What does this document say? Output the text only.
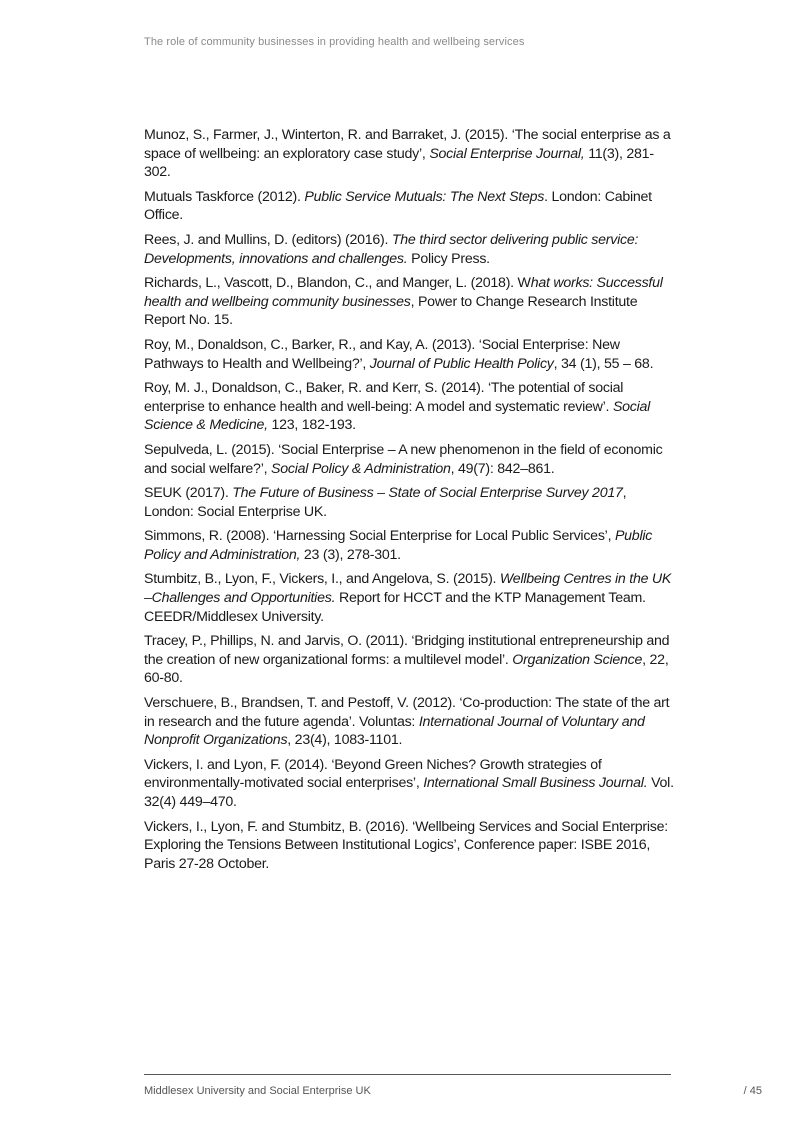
The role of community businesses in providing health and wellbeing services

Munoz, S., Farmer, J., Winterton, R. and Barraket, J. (2015). ‘The social enterprise as a space of wellbeing: an exploratory case study’, Social Enterprise Journal, 11(3), 281-302.

Mutuals Taskforce (2012). Public Service Mutuals: The Next Steps. London: Cabinet Office.

Rees, J. and Mullins, D. (editors) (2016). The third sector delivering public service: Developments, innovations and challenges. Policy Press.

Richards, L., Vascott, D., Blandon, C., and Manger, L. (2018). What works: Successful health and wellbeing community businesses, Power to Change Research Institute Report No. 15.

Roy, M., Donaldson, C., Barker, R., and Kay, A. (2013). ‘Social Enterprise: New Pathways to Health and Wellbeing?’, Journal of Public Health Policy, 34 (1), 55 – 68.

Roy, M. J., Donaldson, C., Baker, R. and Kerr, S. (2014). ‘The potential of social enterprise to enhance health and well-being: A model and systematic review’. Social Science & Medicine, 123, 182-193.

Sepulveda, L. (2015). ‘Social Enterprise – A new phenomenon in the field of economic and social welfare?’, Social Policy & Administration, 49(7): 842–861.

SEUK (2017). The Future of Business – State of Social Enterprise Survey 2017, London: Social Enterprise UK.

Simmons, R. (2008). ‘Harnessing Social Enterprise for Local Public Services’, Public Policy and Administration, 23 (3), 278-301.

Stumbitz, B., Lyon, F., Vickers, I., and Angelova, S. (2015). Wellbeing Centres in the UK –Challenges and Opportunities. Report for HCCT and the KTP Management Team. CEEDR/Middlesex University.

Tracey, P., Phillips, N. and Jarvis, O. (2011). ‘Bridging institutional entrepreneurship and the creation of new organizational forms: a multilevel model’. Organization Science, 22, 60-80.

Verschuere, B., Brandsen, T. and Pestoff, V. (2012). ‘Co-production: The state of the art in research and the future agenda’. Voluntas: International Journal of Voluntary and Nonprofit Organizations, 23(4), 1083-1101.

Vickers, I. and Lyon, F. (2014). ‘Beyond Green Niches? Growth strategies of environmentally-motivated social enterprises’, International Small Business Journal. Vol. 32(4) 449–470.

Vickers, I., Lyon, F. and Stumbitz, B. (2016). ‘Wellbeing Services and Social Enterprise: Exploring the Tensions Between Institutional Logics’, Conference paper: ISBE 2016, Paris 27-28 October.

Middlesex University and Social Enterprise UK	/ 45
